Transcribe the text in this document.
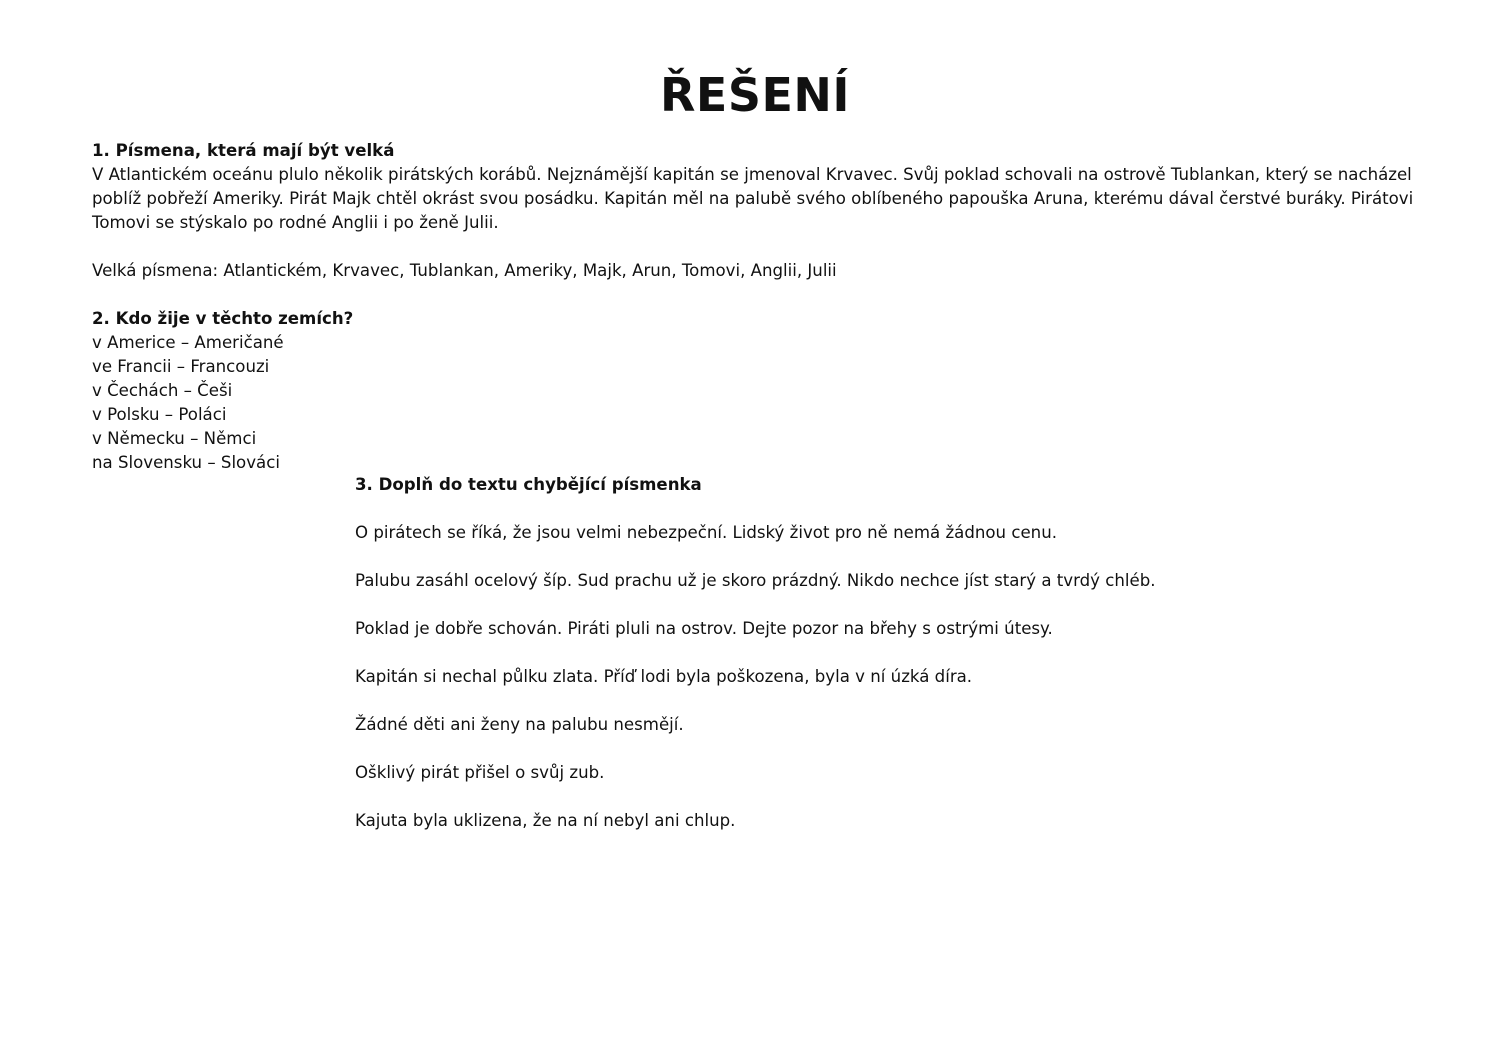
ŘEŠENÍ

1. Písmena, která mají být velká

V Atlantickém oceánu plulo několik pirátských korábů. Nejznámější kapitán se jmenoval Krvavec. Svůj poklad schovali na ostrově Tublankan, který se nacházel poblíž pobřeží Ameriky. Pirát Majk chtěl okrást svou posádku. Kapitán měl na palubě svého oblíbeného papouška Aruna, kterému dával čerstvé buráky. Pirátovi Tomovi se stýskalo po rodné Anglii i po ženě Julii.

Velká písmena: Atlantickém, Krvavec, Tublankan, Ameriky, Majk, Arun, Tomovi, Anglii, Julii

2. Kdo žije v těchto zemích?

v Americe – Američané
ve Francii – Francouzi
v Čechách – Češi
v Polsku – Poláci
v Německu – Němci
na Slovensku – Slováci

3. Doplň do textu chybějící písmenka

O pirátech se říká, že jsou velmi nebezpeční. Lidský život pro ně nemá žádnou cenu.

Palubu zasáhl ocelový šíp. Sud prachu už je skoro prázdný. Nikdo nechce jíst starý a tvrdý chléb.

Poklad je dobře schován. Piráti pluli na ostrov. Dejte pozor na břehy s ostrými útesy.

Kapitán si nechal půlku zlata. Příď lodi byla poškozena, byla v ní úzká díra.

Žádné děti ani ženy na palubu nesmějí.

Ošklivý pirát přišel o svůj zub.

Kajuta byla uklizena, že na ní nebyl ani chlup.
